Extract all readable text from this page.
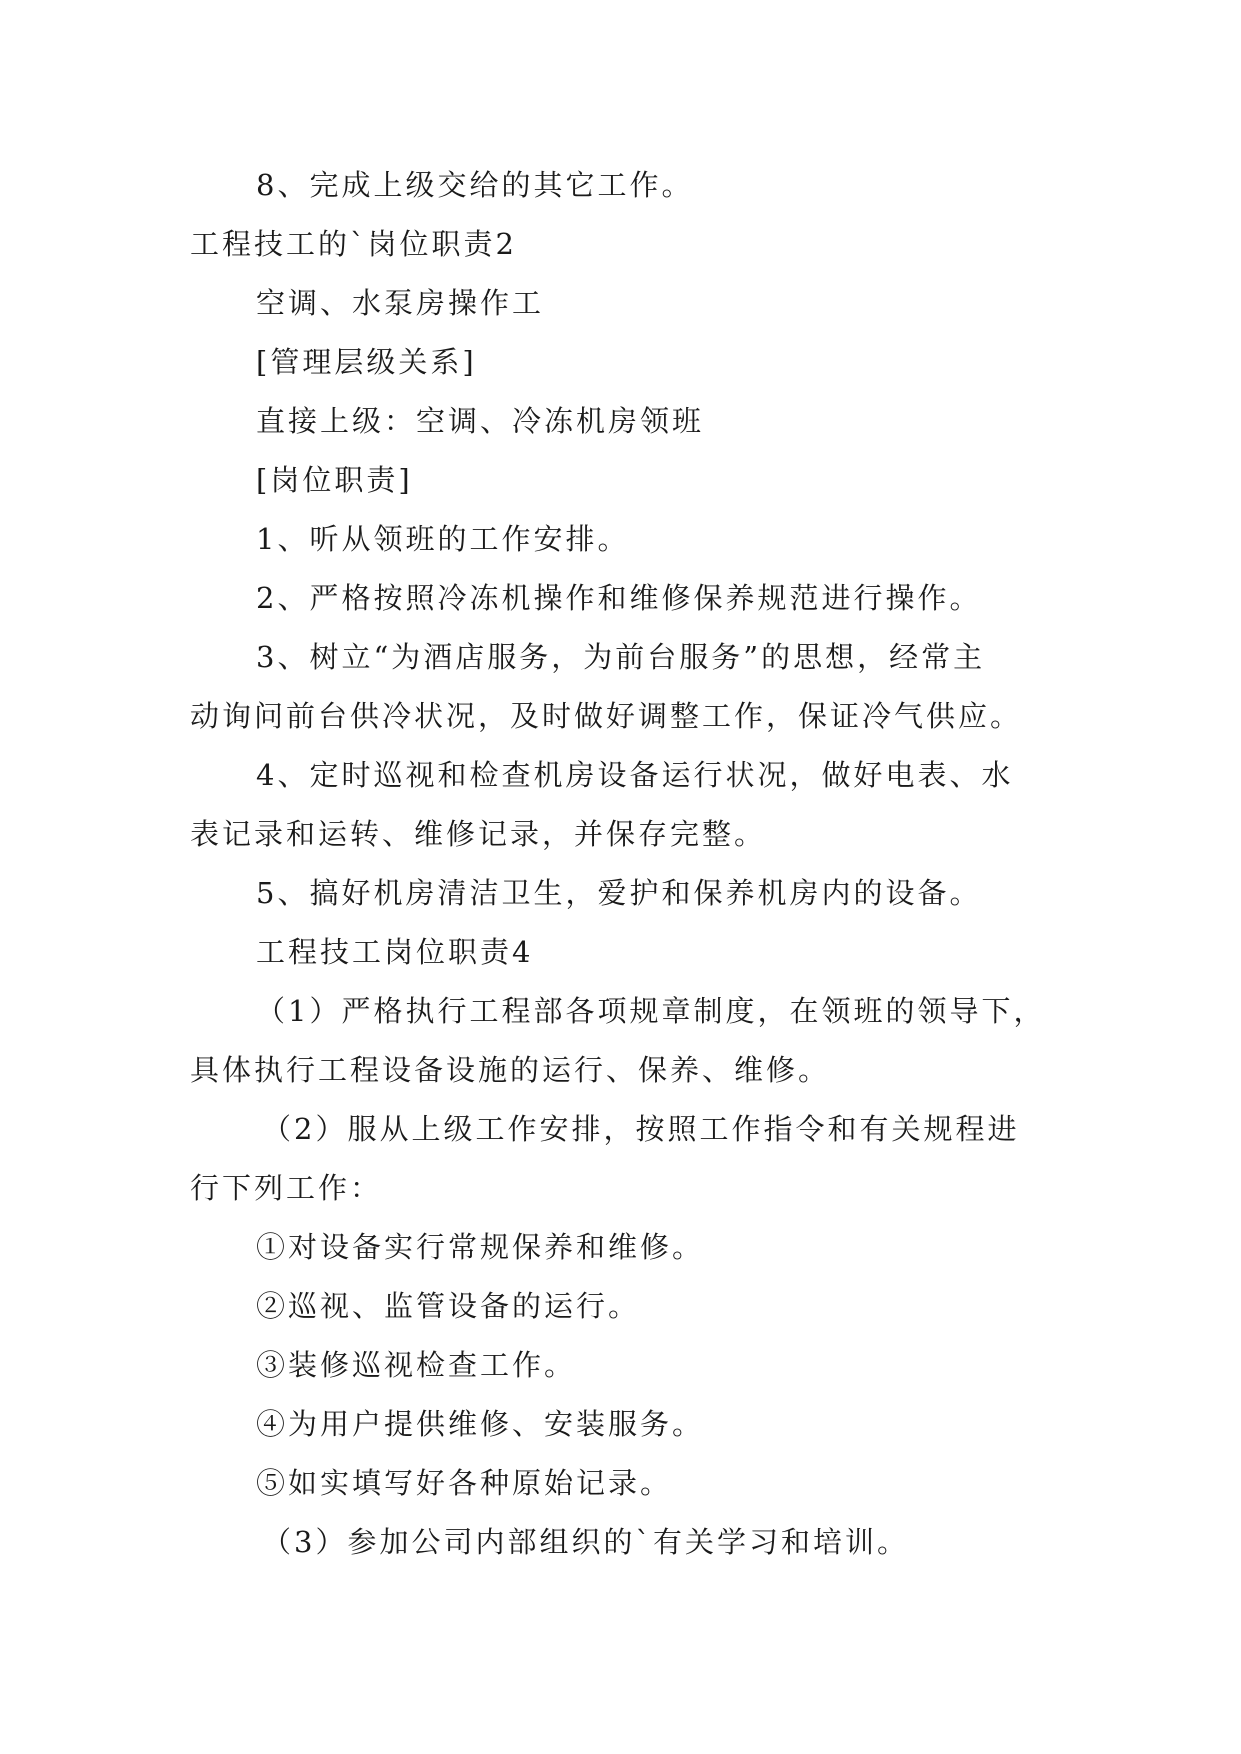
8、完成上级交给的其它工作。
工程技工的`岗位职责2
空调、水泵房操作工
[管理层级关系]
直接上级：空调、冷冻机房领班
[岗位职责]
1、听从领班的工作安排。
2、严格按照冷冻机操作和维修保养规范进行操作。
3、树立“为酒店服务，为前台服务”的思想，经常主
动询问前台供冷状况，及时做好调整工作，保证冷气供应。
4、定时巡视和检查机房设备运行状况，做好电表、水
表记录和运转、维修记录，并保存完整。
5、搞好机房清洁卫生，爱护和保养机房内的设备。
工程技工岗位职责4
（1）严格执行工程部各项规章制度，在领班的领导下，
具体执行工程设备设施的运行、保养、维修。
（2）服从上级工作安排，按照工作指令和有关规程进
行下列工作：
①对设备实行常规保养和维修。
②巡视、监管设备的运行。
③装修巡视检查工作。
④为用户提供维修、安装服务。
⑤如实填写好各种原始记录。
（3）参加公司内部组织的`有关学习和培训。
